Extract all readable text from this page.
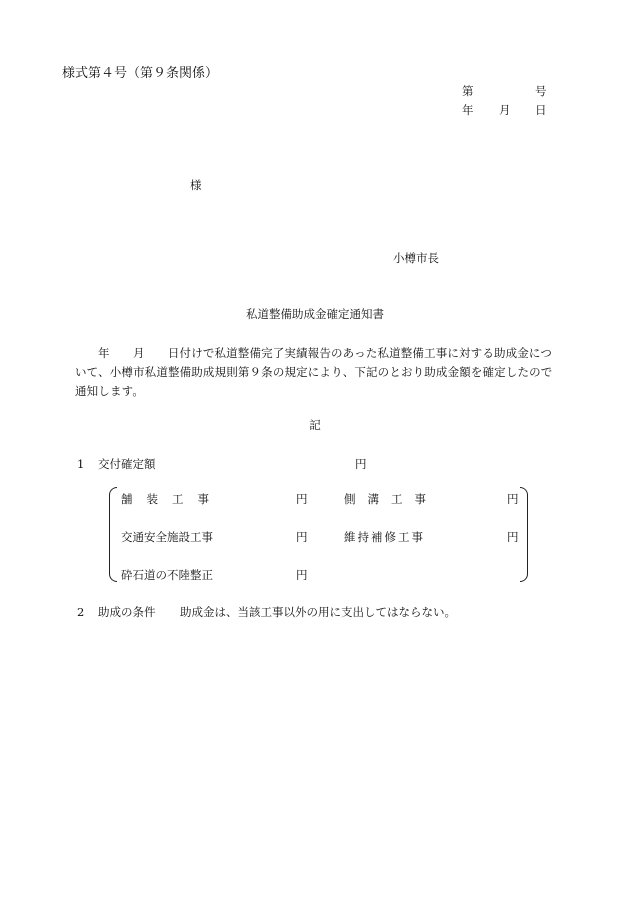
様式第４号（第９条関係）
第	号
年 月 日
様
小樽市長
私道整備助成金確定通知書
年　　月　　日付けで私道整備完了実績報告のあった私道整備工事に対する助成金について、小樽市私道整備助成規則第９条の規定により、下記のとおり助成金額を確定したので通知します。
記
1 交付確定額	円
舗装工事	円	側溝工事	円
交通安全施設工事	円	維持補修工事	円
砕石道の不陸整正	円
2 助成の条件 助成金は、当該工事以外の用に支出してはならない。
